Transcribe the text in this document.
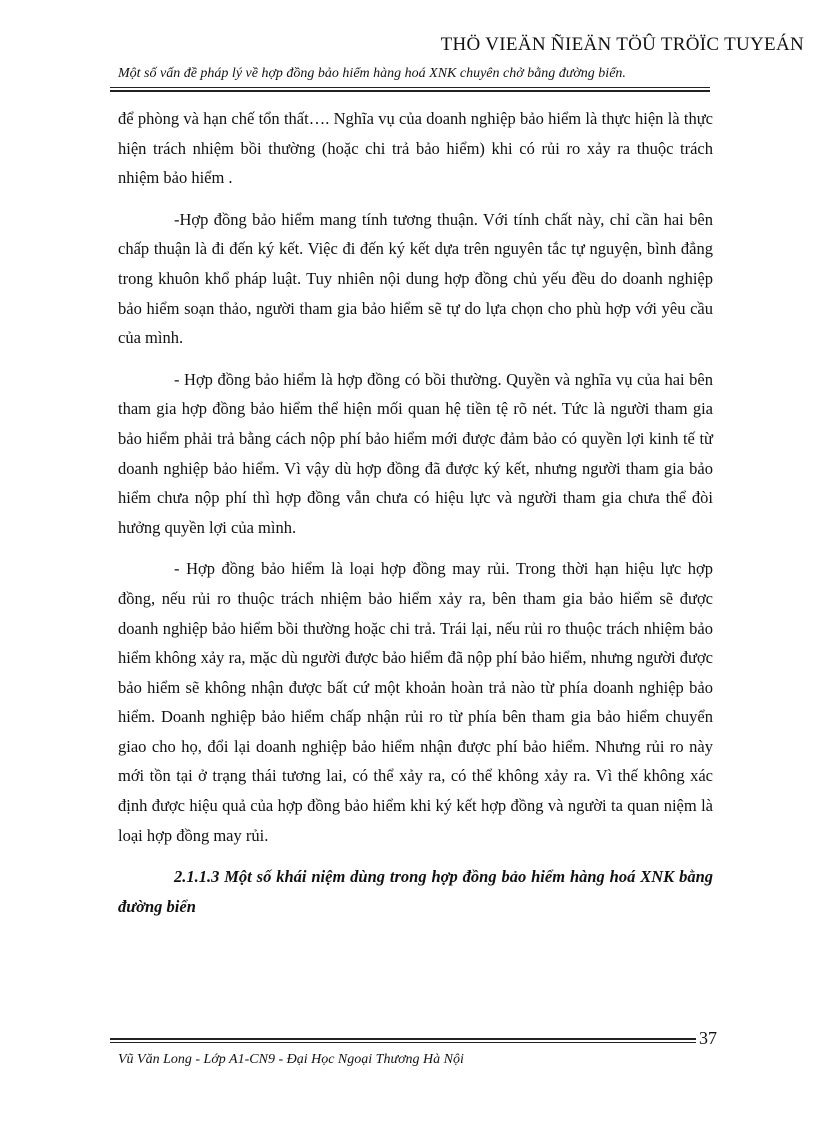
THÖ VIEÄN ÑIEÄN TÖÛ TRÖÏC TUYEÁN
Một số vấn đề pháp lý về hợp đồng bảo hiểm hàng hoá XNK chuyên chở bằng đường biển.

để phòng và hạn chế tổn thất…. Nghĩa vụ của doanh nghiệp bảo hiểm là thực hiện là thực hiện trách nhiệm bồi thường (hoặc chi trả bảo hiểm) khi có rủi ro xảy ra thuộc trách nhiệm bảo hiểm .

-Hợp đồng bảo hiểm mang tính tương thuận. Với tính chất này, chỉ cần hai bên chấp thuận là đi đến ký kết. Việc đi đến ký kết dựa trên nguyên tắc tự nguyện, bình đẳng trong khuôn khổ pháp luật. Tuy nhiên nội dung hợp đồng chủ yếu đều do doanh nghiệp bảo hiểm soạn thảo, người tham gia bảo hiểm sẽ tự do lựa chọn cho phù hợp với yêu cầu của mình.

- Hợp đồng bảo hiểm là hợp đồng có bồi thường. Quyền và nghĩa vụ của hai bên tham gia hợp đồng bảo hiểm thể hiện mối quan hệ tiền tệ rõ nét. Tức là người tham gia bảo hiểm phải trả bằng cách nộp phí bảo hiểm mới được đảm bảo có quyền lợi kinh tế từ doanh nghiệp bảo hiểm. Vì vậy dù hợp đồng đã được ký kết, nhưng người tham gia bảo hiểm chưa nộp phí thì hợp đồng vẫn chưa có hiệu lực và người tham gia chưa thể đòi hưởng quyền lợi của mình.

- Hợp đồng bảo hiểm là loại hợp đồng may rủi. Trong thời hạn hiệu lực hợp đồng, nếu rủi ro thuộc trách nhiệm bảo hiểm xảy ra, bên tham gia bảo hiểm sẽ được doanh nghiệp bảo hiểm bồi thường hoặc chi trả. Trái lại, nếu rủi ro thuộc trách nhiệm bảo hiểm không xảy ra, mặc dù người được bảo hiểm đã nộp phí bảo hiểm, nhưng người được bảo hiểm sẽ không nhận được bất cứ một khoản hoàn trả nào từ phía doanh nghiệp bảo hiểm. Doanh nghiệp bảo hiểm chấp nhận rủi ro từ phía bên tham gia bảo hiểm chuyển giao cho họ, đổi lại doanh nghiệp bảo hiểm nhận được phí bảo hiểm. Nhưng rủi ro này mới tồn tại ở trạng thái tương lai, có thể xảy ra, có thể không xảy ra. Vì thế không xác định được hiệu quả của hợp đồng bảo hiểm khi ký kết hợp đồng và người ta quan niệm là loại hợp đồng may rủi.

2.1.1.3 Một số khái niệm dùng trong hợp đồng bảo hiểm hàng hoá XNK bằng đường biển
37
Vũ Văn Long - Lớp A1-CN9 - Đại Học Ngoại Thương Hà Nội
